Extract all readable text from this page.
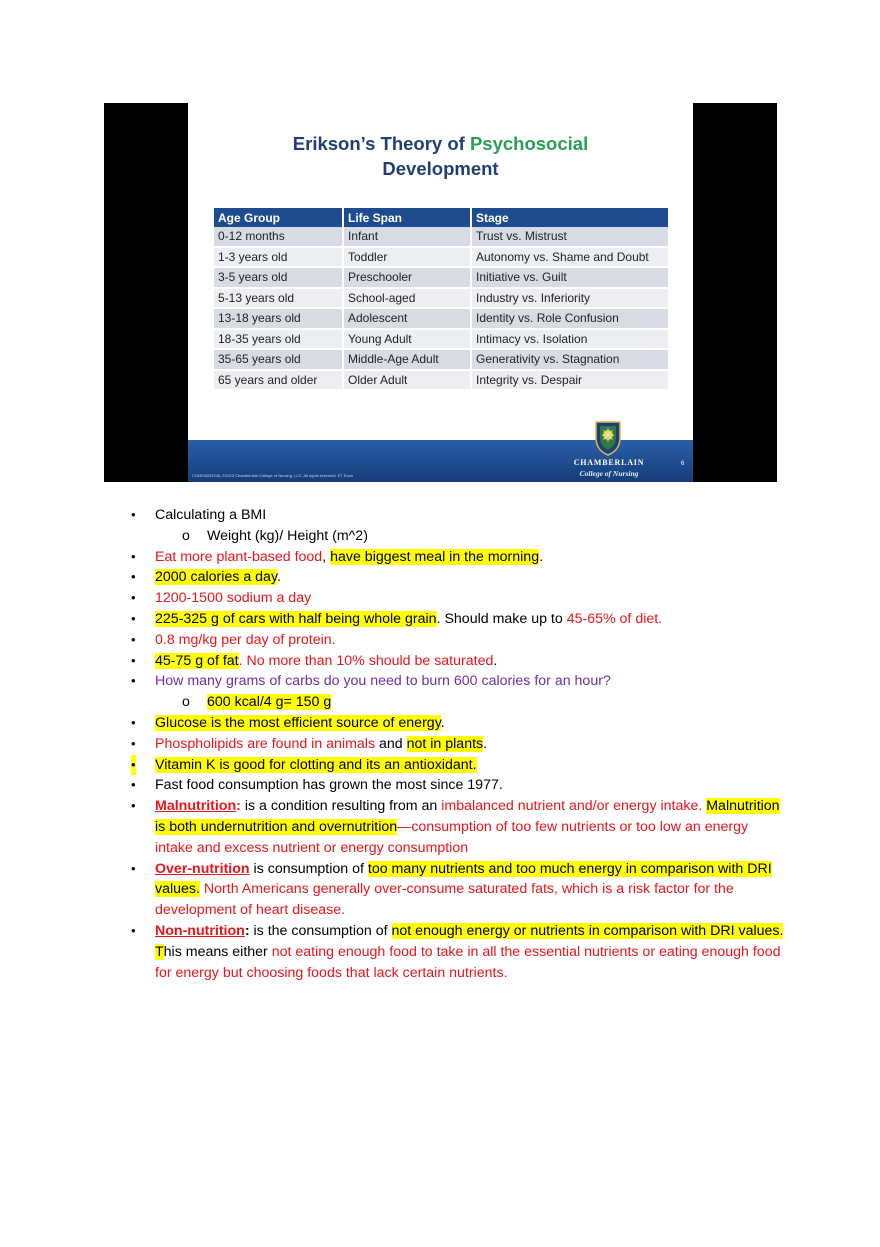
Erikson’s Theory of Psychosocial
Development
Age Group	Life Span	Stage
0-12 months	Infant	Trust vs. Mistrust
1-3 years old	Toddler	Autonomy vs. Shame and Doubt
3-5 years old	Preschooler	Initiative vs. Guilt
5-13 years old	School-aged	Industry vs. Inferiority
13-18 years old	Adolescent	Identity vs. Role Confusion
18-35 years old	Young Adult	Intimacy vs. Isolation
35-65 years old	Middle-Age Adult	Generativity vs. Stagnation
65 years and older	Older Adult	Integrity vs. Despair
CONFIDENTIAL ©2013 Chamberlain College of Nursing, LLC. All rights reserved. ET Enon
CHAMBERLAIN
College of Nursing
6
• Calculating a BMI
o Weight (kg)/ Height (m^2)
• Eat more plant-based food, have biggest meal in the morning.
• 2000 calories a day.
• 1200-1500 sodium a day
• 225-325 g of cars with half being whole grain. Should make up to 45-65% of diet.
• 0.8 mg/kg per day of protein.
• 45-75 g of fat. No more than 10% should be saturated.
• How many grams of carbs do you need to burn 600 calories for an hour?
o 600 kcal/4 g= 150 g
• Glucose is the most efficient source of energy.
• Phospholipids are found in animals and not in plants.
• Vitamin K is good for clotting and its an antioxidant.
• Fast food consumption has grown the most since 1977.
• Malnutrition: is a condition resulting from an imbalanced nutrient and/or energy intake. Malnutrition is both undernutrition and overnutrition—consumption of too few nutrients or too low an energy intake and excess nutrient or energy consumption
• Over-nutrition is consumption of too many nutrients and too much energy in comparison with DRI values. North Americans generally over-consume saturated fats, which is a risk factor for the development of heart disease.
• Non-nutrition: is the consumption of not enough energy or nutrients in comparison with DRI values. This means either not eating enough food to take in all the essential nutrients or eating enough food for energy but choosing foods that lack certain nutrients.
